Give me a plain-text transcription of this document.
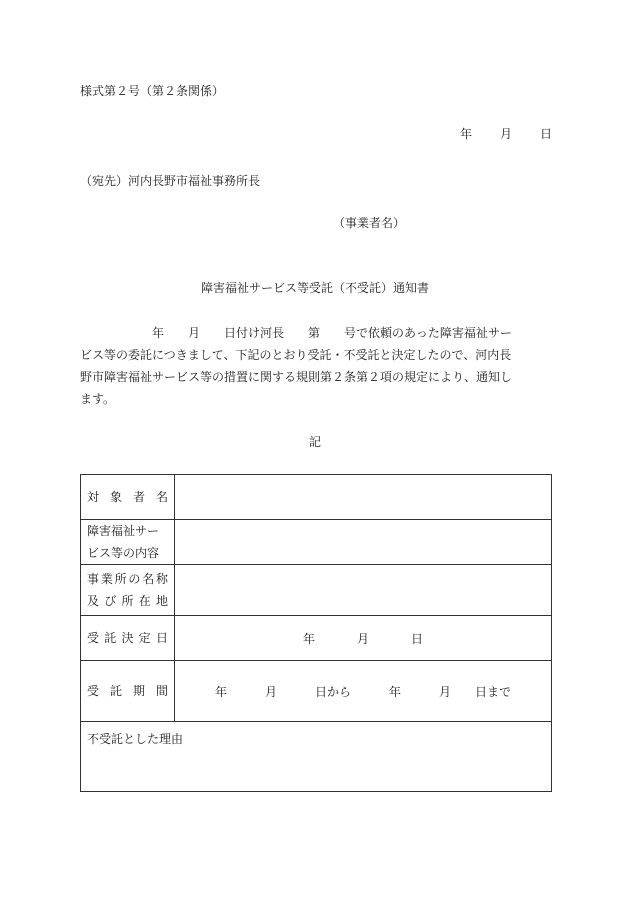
様式第２号（第２条関係）
年 月 日
（宛先）河内長野市福祉事務所長
（事業者名）
障害福祉サービス等受託（不受託）通知書
　　　　　　年　　月　　日付け河長　　第　　号で依頼のあった障害福祉サー
ビス等の委託につきまして、下記のとおり受託・不受託と決定したので、河内長
野市障害福祉サービス等の措置に関する規則第２条第２項の規定により、通知し
ます。
記
対象者名	

障害福祉サー
ビス等の内容	

事業所の名称
及び所在地	

受託決定日	年 月 日

受託期間	年 月 日から 年 月 日まで
不受託とした理由	
